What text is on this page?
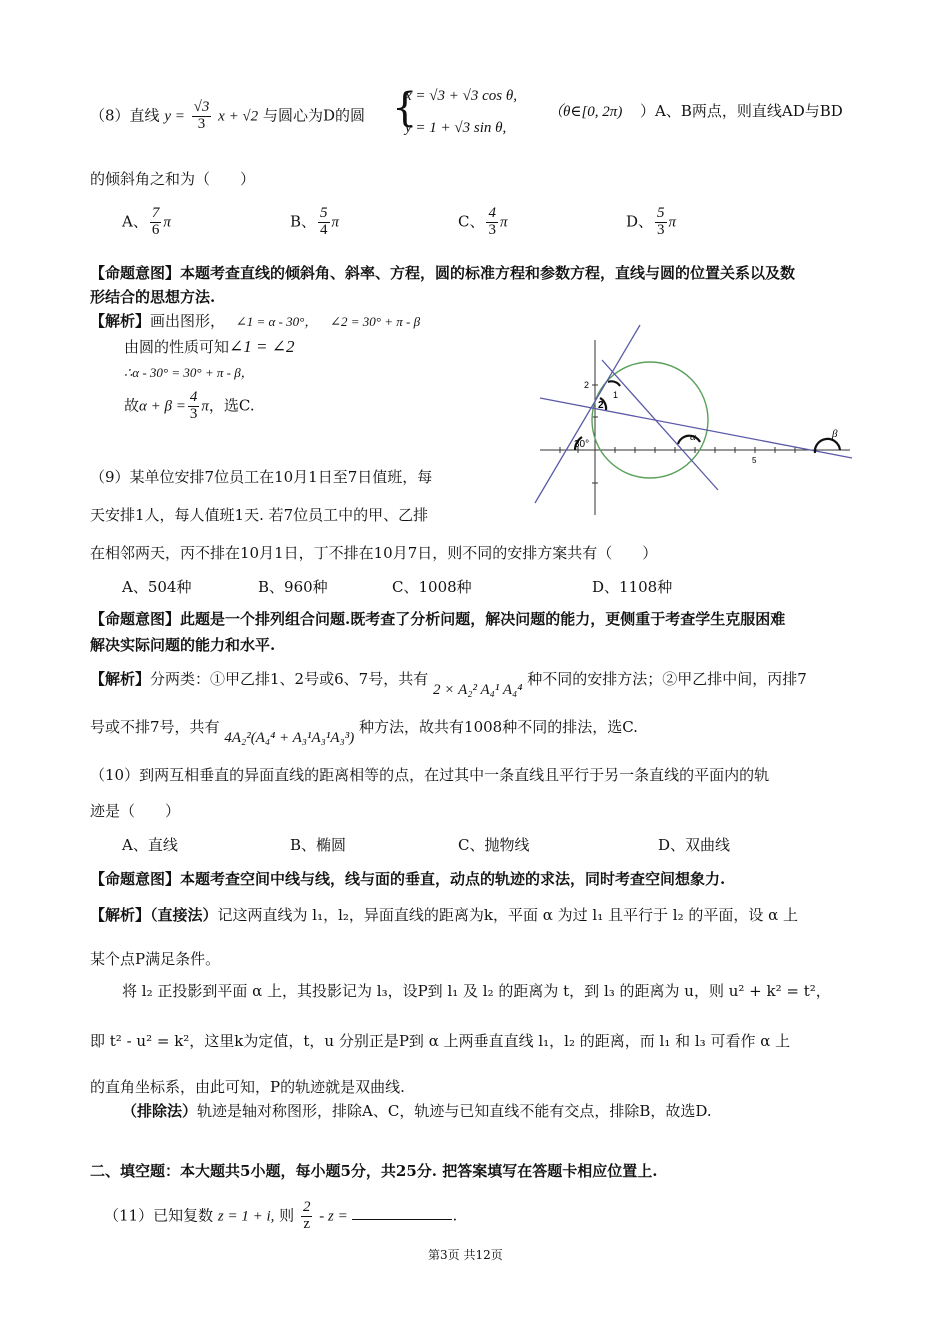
（8）直线 $y = \frac{√3}{3}$ x + √2 与圆心为D的圆 {
x = √3 + √3 cos θ,
y = 1 + √3 sin θ,
（θ∈[0, 2π) ）A、B两点，则直线AD与BD
的倾斜角之和为（　　）
A、 $\frac{7}{6}$ π	B、 $\frac{5}{4}$ π	C、 $\frac{4}{3}$ π	D、 $\frac{5}{3}$ π
【命题意图】本题考查直线的倾斜角、斜率、方程，圆的标准方程和参数方程，直线与圆的位置关系以及数
形结合的思想方法.
【解析】画出图形， ∠1 = α - 30°， ∠2 = 30° + π - β
由圆的性质可知∠1 = ∠2
∴α - 30° = 30° + π - β，
故$\alpha + \beta = \frac{4}{3}$ π，选C.
2
1
2
30°
α	β
5
（9）某单位安排7位员工在10月1日至7日值班，每
天安排1人，每人值班1天. 若7位员工中的甲、乙排
在相邻两天，丙不排在10月1日，丁不排在10月7日，则不同的安排方案共有（　　）
A、504种	B、960种	C、1008种	D、1108种
【命题意图】此题是一个排列组合问题.既考查了分析问题，解决问题的能力，更侧重于考查学生克服困难
解决实际问题的能力和水平.
【解析】分两类：①甲乙排1、2号或6、7号，共有 2 × A₂² A₄¹ A₄⁴ 种不同的安排方法；②甲乙排中间，丙排7
号或不排7号，共有 4A₂²(A₄⁴ + A₃¹A₃¹A₃³) 种方法，故共有1008种不同的排法，选C.
（10）到两互相垂直的异面直线的距离相等的点，在过其中一条直线且平行于另一条直线的平面内的轨
迹是（　　）
A、直线	B、椭圆	C、抛物线	D、双曲线
【命题意图】本题考查空间中线与线，线与面的垂直，动点的轨迹的求法，同时考查空间想象力.
【解析】（直接法）记这两直线为 l₁，l₂，异面直线的距离为k，平面 α 为过 l₁ 且平行于 l₂ 的平面，设 α 上
某个点P满足条件。
将 l₂ 正投影到平面 α 上，其投影记为 l₃，设P到 l₁ 及 l₂ 的距离为 t，到 l₃ 的距离为 u，则 u² + k² = t²，
即 t² - u² = k²，这里k为定值，t，u 分别正是P到 α 上两垂直直线 l₁，l₂ 的距离，而 l₁ 和 l₃ 可看作 α 上
的直角坐标系，由此可知，P的轨迹就是双曲线.
（排除法）轨迹是轴对称图形，排除A、C，轨迹与已知直线不能有交点，排除B，故选D.
二、填空题：本大题共5小题，每小题5分，共25分. 把答案填写在答题卡相应位置上.
（11）已知复数 z = 1 + i, 则 $\frac{2}{z}$ - z =	.
第3页 共12页
